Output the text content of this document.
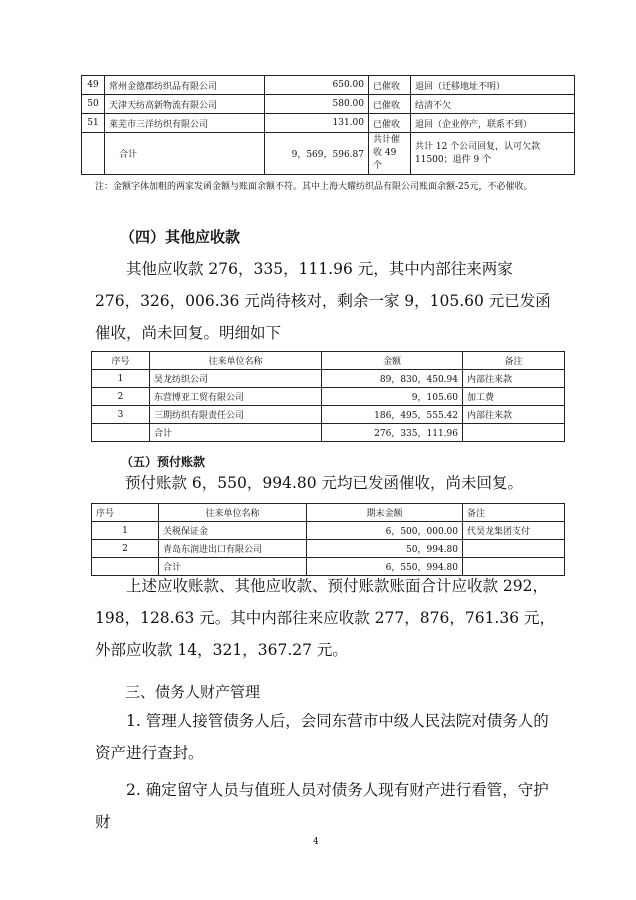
49	常州金德郡纺织品有限公司	650.00	已催收	退回（迁移地址不明）
50	天津天纺高新物流有限公司	580.00	已催收	结清不欠
51	莱芜市三洋纺织有限公司	131.00	已催收	退回（企业停产，联系不到）
	合计	9，569，596.87	共计催收 49 个	共计 12 个公司回复，认可欠款 11500；退件 9 个
注：金额字体加粗的两家发函金额与账面余额不符。其中上海大耀纺织品有限公司账面余额-25元，不必催收。
（四）其他应收款
其他应收款 276，335，111.96 元，其中内部往来两家 276，326，006.36 元尚待核对，剩余一家 9，105.60 元已发函催收，尚未回复。明细如下
序号	往来单位名称	金额	备注
1	昊龙纺织公司	89，830，450.94	内部往来款
2	东营博亚工贸有限公司	9，105.60	加工费
3	三期纺织有限责任公司	186，495，555.42	内部往来款
	合计	276，335，111.96	
（五）预付账款
预付账款 6，550，994.80 元均已发函催收，尚未回复。
序号	往来单位名称	期末金额	备注
1	关税保证金	6，500，000.00	代昊龙集团支付
2	青岛东润进出口有限公司	50，994.80	
	合计	6，550，994.80	
上述应收账款、其他应收款、预付账款账面合计应收款 292，198，128.63 元。其中内部往来应收款 277，876，761.36 元，外部应收款 14，321，367.27 元。
三、债务人财产管理
1. 管理人接管债务人后，会同东营市中级人民法院对债务人的资产进行查封。
2. 确定留守人员与值班人员对债务人现有财产进行看管，守护财
4
